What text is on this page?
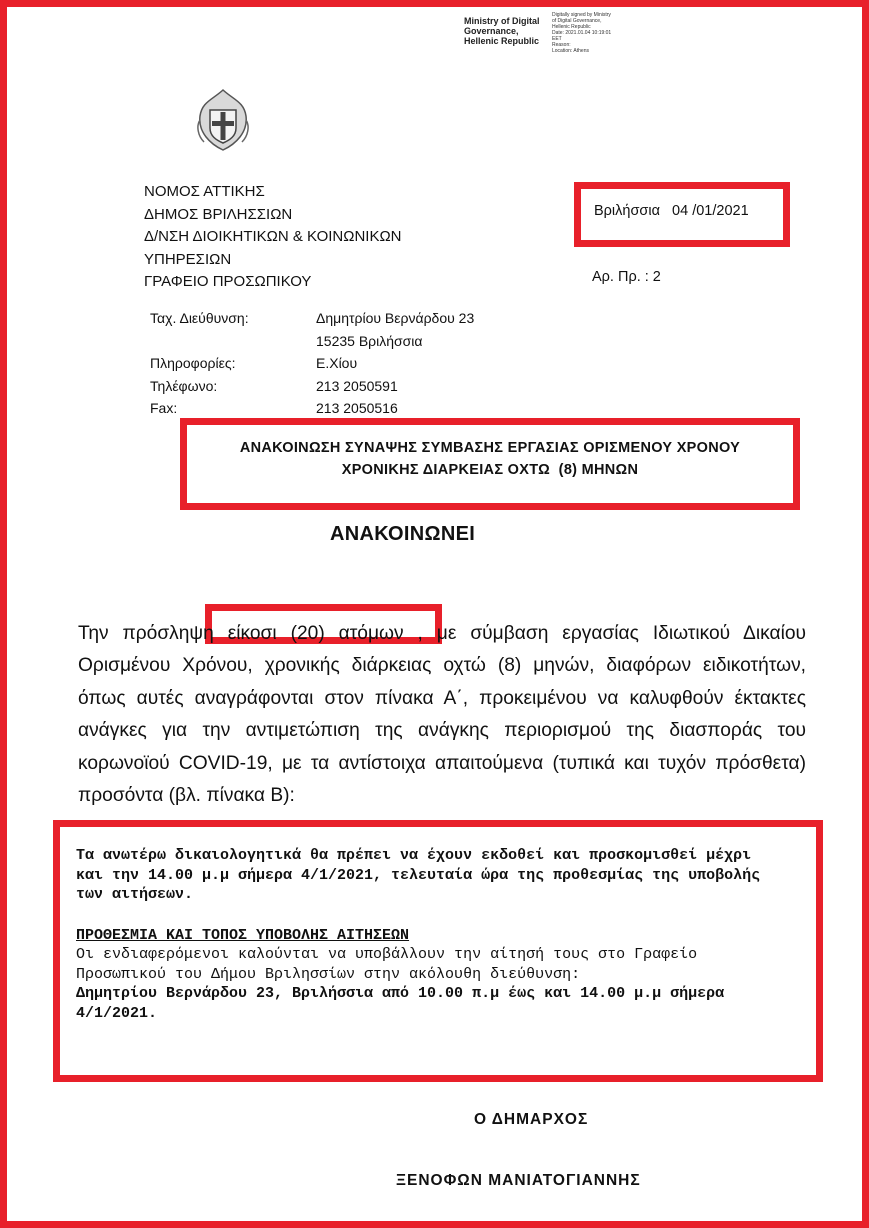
Ministry of Digital
Governance,
Hellenic Republic
Digitally signed by Ministry
of Digital Governance,
Hellenic Republic
Date: 2021.01.04 10:19:01
EET
Reason:
Location: Athens
ΝΟΜΟΣ ΑΤΤΙΚΗΣ
ΔΗΜΟΣ ΒΡΙΛΗΣΣΙΩΝ
Δ/ΝΣΗ ΔΙΟΙΚΗΤΙΚΩΝ & ΚΟΙΝΩΝΙΚΩΝ
ΥΠΗΡΕΣΙΩΝ
ΓΡΑΦΕΙΟ ΠΡΟΣΩΠΙΚΟΥ
Βριλήσσια   04 /01/2021
Αρ. Πρ. : 2
Ταχ. Διεύθυνση:
Πληροφορίες:
Τηλέφωνο:
Fax:
Δημητρίου Βερνάρδου 23
15235 Βριλήσσια
Ε.Χίου
213 2050591
213 2050516
ΑΝΑΚΟΙΝΩΣΗ ΣΥΝΑΨΗΣ ΣΥΜΒΑΣΗΣ ΕΡΓΑΣΙΑΣ ΟΡΙΣΜΕΝΟΥ ΧΡΟΝΟΥ
ΧΡΟΝΙΚΗΣ ΔΙΑΡΚΕΙΑΣ ΟΧΤΩ  (8) ΜΗΝΩΝ
ΑΝΑΚΟΙΝΩΝΕΙ
Την πρόσληψη είκοσι (20) ατόμων , με σύμβαση εργασίας Ιδιωτικού Δικαίου
Ορισμένου Χρόνου, χρονικής διάρκειας οχτώ (8) μηνών, διαφόρων ειδικοτήτων,
όπως αυτές αναγράφονται στον πίνακα Α΄, προκειμένου να καλυφθούν έκτακτες
ανάγκες για την αντιμετώπιση της ανάγκης περιορισμού της διασποράς του
κορωνοϊού COVID-19, με τα αντίστοιχα απαιτούμενα (τυπικά και τυχόν πρόσθετα)
προσόντα (βλ. πίνακα Β):
Τα ανωτέρω δικαιολογητικά θα πρέπει να έχουν εκδοθεί και προσκομισθεί μέχρι και την 14.00 μ.μ σήμερα 4/1/2021, τελευταία ώρα της προθεσμίας της υποβολής των αιτήσεων.
ΠΡΟΘΕΣΜΙΑ ΚΑΙ ΤΟΠΟΣ ΥΠΟΒΟΛΗΣ ΑΙΤΗΣΕΩΝ
Οι ενδιαφερόμενοι καλούνται να υποβάλλουν την αίτησή τους στο Γραφείο Προσωπικού του Δήμου Βριλησσίων στην ακόλουθη διεύθυνση:
Δημητρίου Βερνάρδου 23, Βριλήσσια από 10.00 π.μ έως και 14.00 μ.μ σήμερα 4/1/2021.
Ο ΔΗΜΑΡΧΟΣ
ΞΕΝΟΦΩΝ ΜΑΝΙΑΤΟΓΙΑΝΝΗΣ
